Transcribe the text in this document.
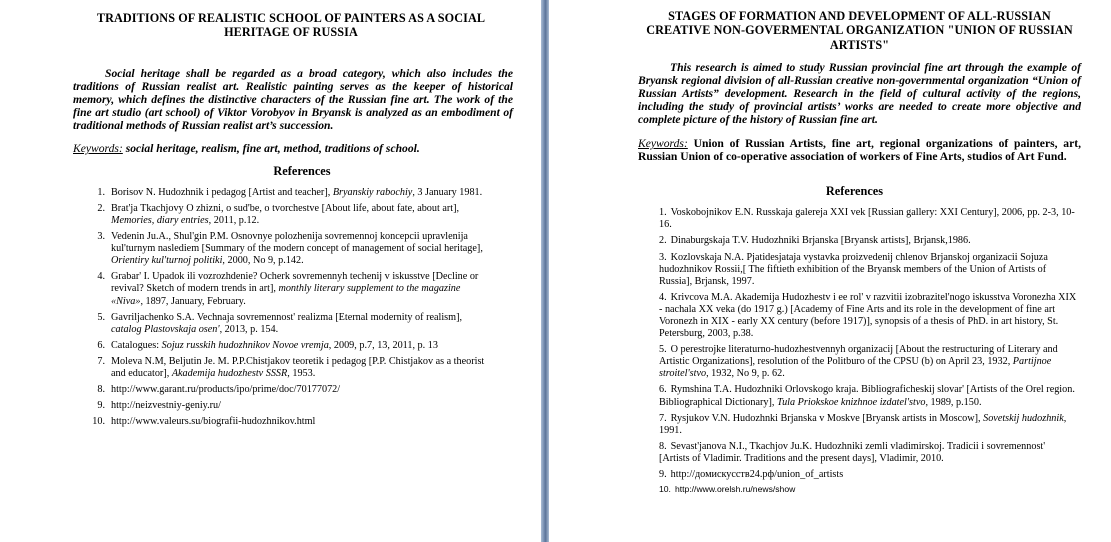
TRADITIONS OF REALISTIC SCHOOL OF PAINTERS AS A SOCIAL HERITAGE OF RUSSIA

Social heritage shall be regarded as a broad category, which also includes the traditions of Russian realist art. Realistic painting serves as the keeper of historical memory, which defines the distinctive characters of the Russian fine art. The work of the fine art studio (art school) of Viktor Vorobyov in Bryansk is analyzed as an embodiment of traditional methods of Russian realist art’s succession.

Keywords: social heritage, realism, fine art, method, traditions of school.

References

1. Borisov N. Hudozhnik i pedagog [Artist and teacher], Bryanskiy rabochiy, 3 January 1981.
2. Brat'ja Tkachjovy O zhizni, o sud'be, o tvorchestve [About life, about fate, about art], Memories, diary entries, 2011, p.12.
3. Vedenin Ju.A., Shul'gin P.M. Osnovnye polozhenija sovremennoj koncepcii upravlenija kul'turnym naslediem [Summary of the modern concept of management of social heritage], Orientiry kul'turnoj politiki, 2000, No 9, p.142.
4. Grabar' I. Upadok ili vozrozhdenie? Ocherk sovremennyh techenij v iskusstve [Decline or revival? Sketch of modern trends in art], monthly literary supplement to the magazine «Niva», 1897, January, February.
5. Gavriljachenko S.A. Vechnaja sovremennost' realizma [Eternal modernity of realism], catalog Plastovskaja osen', 2013, p. 154.
6. Catalogues: Sojuz russkih hudozhnikov Novoe vremja, 2009, p.7, 13, 2011, p. 13
7. Moleva N.M, Beljutin Je. M. P.P.Chistjakov teoretik i pedagog [P.P. Chistjakov as a theorist and educator], Akademija hudozhestv SSSR, 1953.
8. http://www.garant.ru/products/ipo/prime/doc/70177072/
9. http://neizvestniy-geniy.ru/
10. http://www.valeurs.su/biografii-hudozhnikov.html

STAGES OF FORMATION AND DEVELOPMENT OF ALL-RUSSIAN CREATIVE NON-GOVERMENTAL ORGANIZATION "UNION OF RUSSIAN ARTISTS"

This research is aimed to study Russian provincial fine art through the example of Bryansk regional division of all-Russian creative non-governmental organization “Union of Russian Artists” development. Research in the field of cultural activity of the regions, including the study of provincial artists’ works are needed to create more objective and complete picture of the history of Russian fine art.

Keywords: Union of Russian Artists, fine art, regional organizations of painters, art, Russian Union of co-operative association of workers of Fine Arts, studios of Art Fund.

References

1. Voskobojnikov E.N. Russkaja galereja XXI vek [Russian gallery: XXI Century], 2006, pp. 2-3, 10-16.
2. Dinaburgskaja T.V. Hudozhniki Brjanska [Bryansk artists], Brjansk,1986.
3. Kozlovskaja N.A. Pjatidesjataja vystavka proizvedenij chlenov Brjanskoj organizacii Sojuza hudozhnikov Rossii,[ The fiftieth exhibition of the Bryansk members of the Union of Artists of Russia], Brjansk, 1997.
4. Krivcova M.A. Akademija Hudozhestv i ee rol' v razvitii izobrazitel'nogo iskusstva Voronezha XIX - nachala XX veka (do 1917 g.) [Academy of Fine Arts and its role in the development of fine art Voronezh in XIX - early XX century (before 1917)], synopsis of a thesis of PhD. in art history, St. Petersburg, 2003, p.38.
5. O perestrojke literaturno-hudozhestvennyh organizacij [About the restructuring of Literary and Artistic Organizations], resolution of the Politburo of the CPSU (b) on April 23, 1932, Partijnoe stroitel'stvo, 1932, No 9, p. 62.
6. Rymshina T.A. Hudozhniki Orlovskogo kraja. Bibliograficheskij slovar' [Artists of the Orel region. Bibliographical Dictionary], Tula Priokskoe knizhnoe izdatel'stvo, 1989, p.150.
7. Rysjukov V.N. Hudozhnki Brjanska v Moskve [Bryansk artists in Moscow], Sovetskij hudozhnik, 1991.
8. Sevast'janova N.I., Tkachjov Ju.K. Hudozhniki zemli vladimirskoj. Tradicii i sovremennost' [Artists of Vladimir. Traditions and the present days], Vladimir, 2010.
9. http://домискусств24.рф/union_of_artists
10. http://www.orelsh.ru/news/show
